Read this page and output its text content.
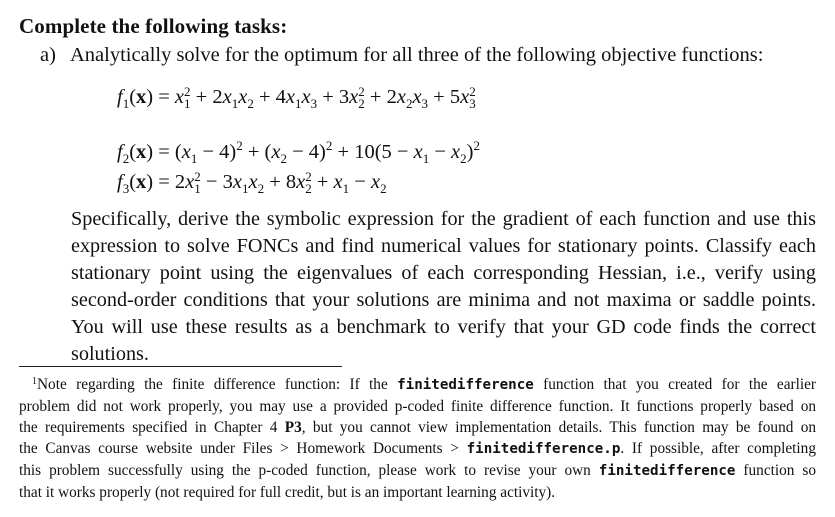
Complete the following tasks:
a) Analytically solve for the optimum for all three of the following objective functions:
$f_1(x) = x$ 2
$1 + 2x_1x_2 + 4x_1x_3 + 3x$ 2
$2 + 2x_2x_3 + 5x$ 2
3
$f_2(x) = (x_1 - 4)^2 + (x_2 - 4)^2 + 10(5 - x_1 - x_2)^2$
$f_3(x) = 2x$ 2
$1 - 3x_1x_2 + 8x$ 2
$2 + x_1 - x_2$
Specifically, derive the symbolic expression for the gradient of each function and use this
expression to solve FONCs and find numerical values for stationary points. Classify each
stationary point using the eigenvalues of each corresponding Hessian, i.e., verify using
second-order conditions that your solutions are minima and not maxima or saddle points.
You will use these results as a benchmark to verify that your GD code finds the correct
solutions.
$^1$Note regarding the finite difference function: If the finitedifference function that you created for the earlier
problem did not work properly, you may use a provided p-coded finite difference function. It functions properly based on
the requirements specified in Chapter 4 P3, but you cannot view implementation details. This function may be found on
the Canvas course website under Files > Homework Documents > finitedifference.p. If possible, after completing
this problem successfully using the p-coded function, please work to revise your own finitedifference function so
that it works properly (not required for full credit, but is an important learning activity).
